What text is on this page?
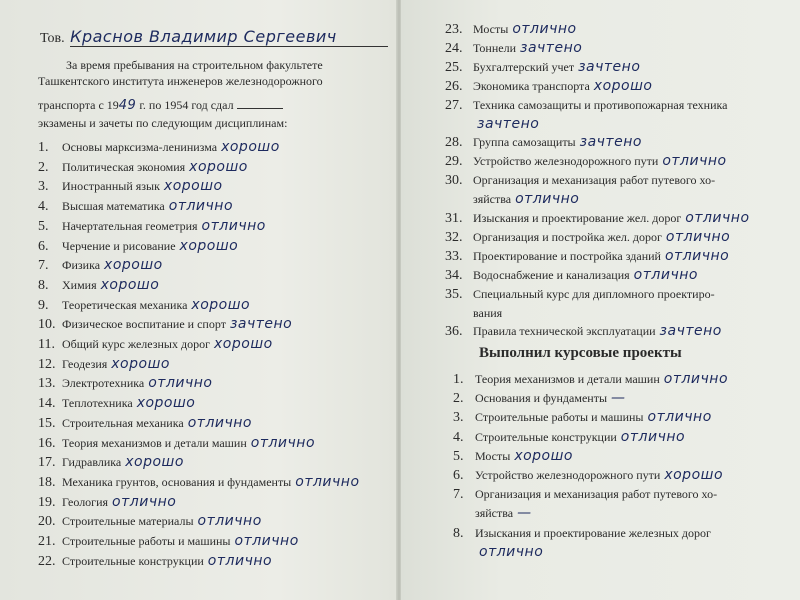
Тов. Краснов Владимир Сергеевич
За время пребывания на строительном факультете
Ташкентского института инженеров железнодорожного
транспорта с 1949 г. по 1954 год сдал
экзамены и зачеты по следующим дисциплинам:
1. Основы марксизма-ленинизма хорошо
2. Политическая экономия хорошо
3. Иностранный язык хорошо
4. Высшая математика отлично
5. Начертательная геометрия отлично
6. Черчение и рисование хорошо
7. Физика хорошо
8. Химия хорошо
9. Теоретическая механика хорошо
10. Физическое воспитание и спорт зачтено
11. Общий курс железных дорог хорошо
12. Геодезия хорошо
13. Электротехника отлично
14. Теплотехника хорошо
15. Строительная механика отлично
16. Теория механизмов и детали машин отлично
17. Гидравлика хорошо
18. Механика грунтов, основания и фундаменты отлично
19. Геология отлично
20. Строительные материалы отлично
21. Строительные работы и машины отлично
22. Строительные конструкции отлично
23. Мосты отлично
24. Тоннели зачтено
25. Бухгалтерский учет зачтено
26. Экономика транспорта хорошо
27. Техника самозащиты и противопожарная техника
зачтено
28. Группа самозащиты зачтено
29. Устройство железнодорожного пути отлично
30. Организация и механизация работ путевого хо-
зяйства отлично
31. Изыскания и проектирование жел. дорог отлично
32. Организация и постройка жел. дорог отлично
33. Проектирование и постройка зданий отлично
34. Водоснабжение и канализация отлично
35. Специальный курс для дипломного проектиро-
вания
36. Правила технической эксплуатации зачтено
Выполнил курсовые проекты
1. Теория механизмов и детали машин отлично
2. Основания и фундаменты —
3. Строительные работы и машины отлично
4. Строительные конструкции отлично
5. Мосты хорошо
6. Устройство железнодорожного пути хорошо
7. Организация и механизация работ путевого хо-
зяйства —
8. Изыскания и проектирование железных дорог
отлично
